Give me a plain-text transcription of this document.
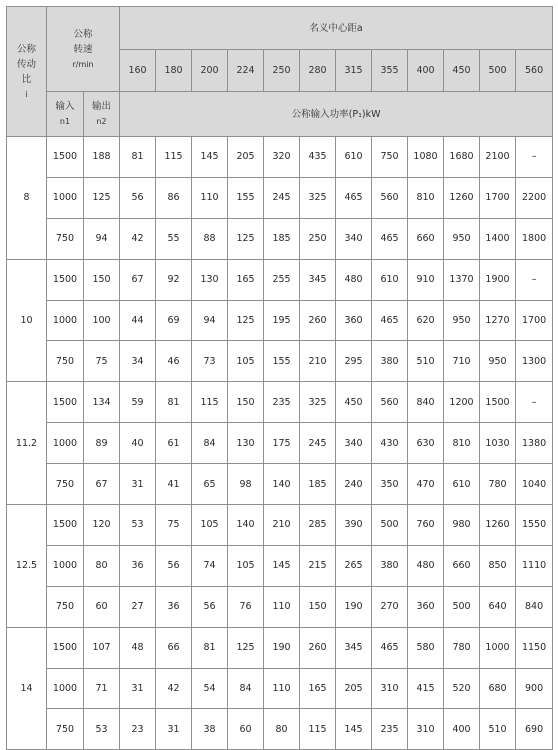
公称
传动
比
i	公称
转速
r/min		名义中心距a											
			160	180	200	224	250	280	315	355	400	450	500	560

	输入
n1	输出
n2	公称输入功率(P₁)kW											
8	1500	188	81	115	145	205	320	435	610	750	1080	1680	2100	–
	1000	125	56	86	110	155	245	325	465	560	810	1260	1700	2200
	750	94	42	55	88	125	185	250	340	465	660	950	1400	1800
10	1500	150	67	92	130	165	255	345	480	610	910	1370	1900	–
	1000	100	44	69	94	125	195	260	360	465	620	950	1270	1700
	750	75	34	46	73	105	155	210	295	380	510	710	950	1300
11.2	1500	134	59	81	115	150	235	325	450	560	840	1200	1500	–
	1000	89	40	61	84	130	175	245	340	430	630	810	1030	1380
	750	67	31	41	65	98	140	185	240	350	470	610	780	1040
12.5	1500	120	53	75	105	140	210	285	390	500	760	980	1260	1550
	1000	80	36	56	74	105	145	215	265	380	480	660	850	1110
	750	60	27	36	56	76	110	150	190	270	360	500	640	840
14	1500	107	48	66	81	125	190	260	345	465	580	780	1000	1150
	1000	71	31	42	54	84	110	165	205	310	415	520	680	900
	750	53	23	31	38	60	80	115	145	235	310	400	510	690
